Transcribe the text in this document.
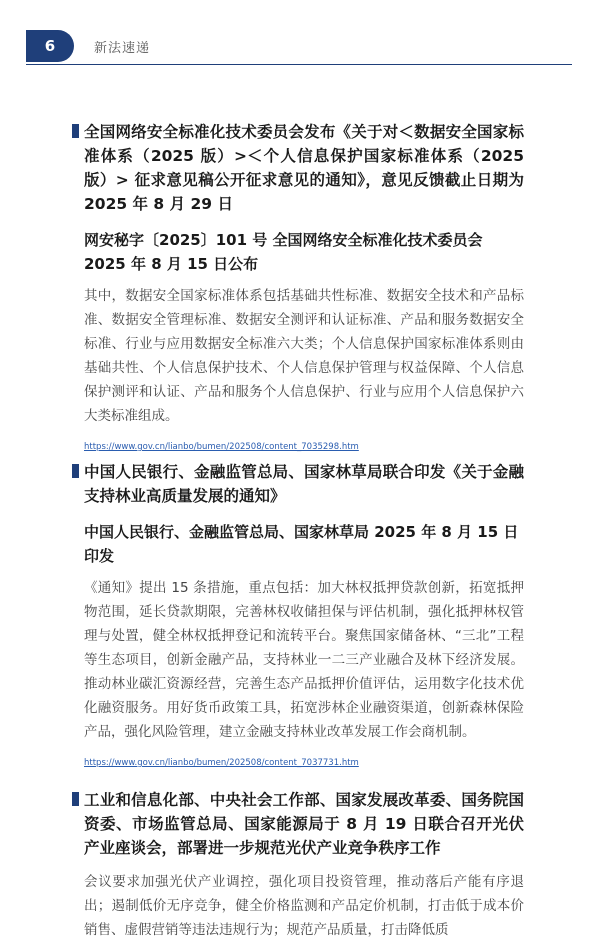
6	新法速递

全国网络安全标准化技术委员会发布《关于对＜数据安全国家标准体系（2025 版）>＜个人信息保护国家标准体系（2025 版）> 征求意见稿公开征求意见的通知》，意见反馈截止日期为 2025 年 8 月 29 日

网安秘字〔2025〕101 号 全国网络安全标准化技术委员会 2025 年 8 月 15 日公布

其中，数据安全国家标准体系包括基础共性标准、数据安全技术和产品标准、数据安全管理标准、数据安全测评和认证标准、产品和服务数据安全标准、行业与应用数据安全标准六大类；个人信息保护国家标准体系则由基础共性、个人信息保护技术、个人信息保护管理与权益保障、个人信息保护测评和认证、产品和服务个人信息保护、行业与应用个人信息保护六大类标准组成。

https://www.gov.cn/lianbo/bumen/202508/content_7035298.htm

中国人民银行、金融监管总局、国家林草局联合印发《关于金融支持林业高质量发展的通知》

中国人民银行、金融监管总局、国家林草局 2025 年 8 月 15 日印发

《通知》提出 15 条措施，重点包括：加大林权抵押贷款创新，拓宽抵押物范围，延长贷款期限，完善林权收储担保与评估机制，强化抵押林权管理与处置，健全林权抵押登记和流转平台。聚焦国家储备林、“三北”工程等生态项目，创新金融产品，支持林业一二三产业融合及林下经济发展。推动林业碳汇资源经营，完善生态产品抵押价值评估，运用数字化技术优化融资服务。用好货币政策工具，拓宽涉林企业融资渠道，创新森林保险产品，强化风险管理，建立金融支持林业改革发展工作会商机制。

https://www.gov.cn/lianbo/bumen/202508/content_7037731.htm

工业和信息化部、中央社会工作部、国家发展改革委、国务院国资委、市场监管总局、国家能源局于 8 月 19 日联合召开光伏产业座谈会，部署进一步规范光伏产业竞争秩序工作

会议要求加强光伏产业调控，强化项目投资管理，推动落后产能有序退出；遏制低价无序竞争，健全价格监测和产品定价机制，打击低于成本价销售、虚假营销等违法违规行为；规范产品质量，打击降低质
